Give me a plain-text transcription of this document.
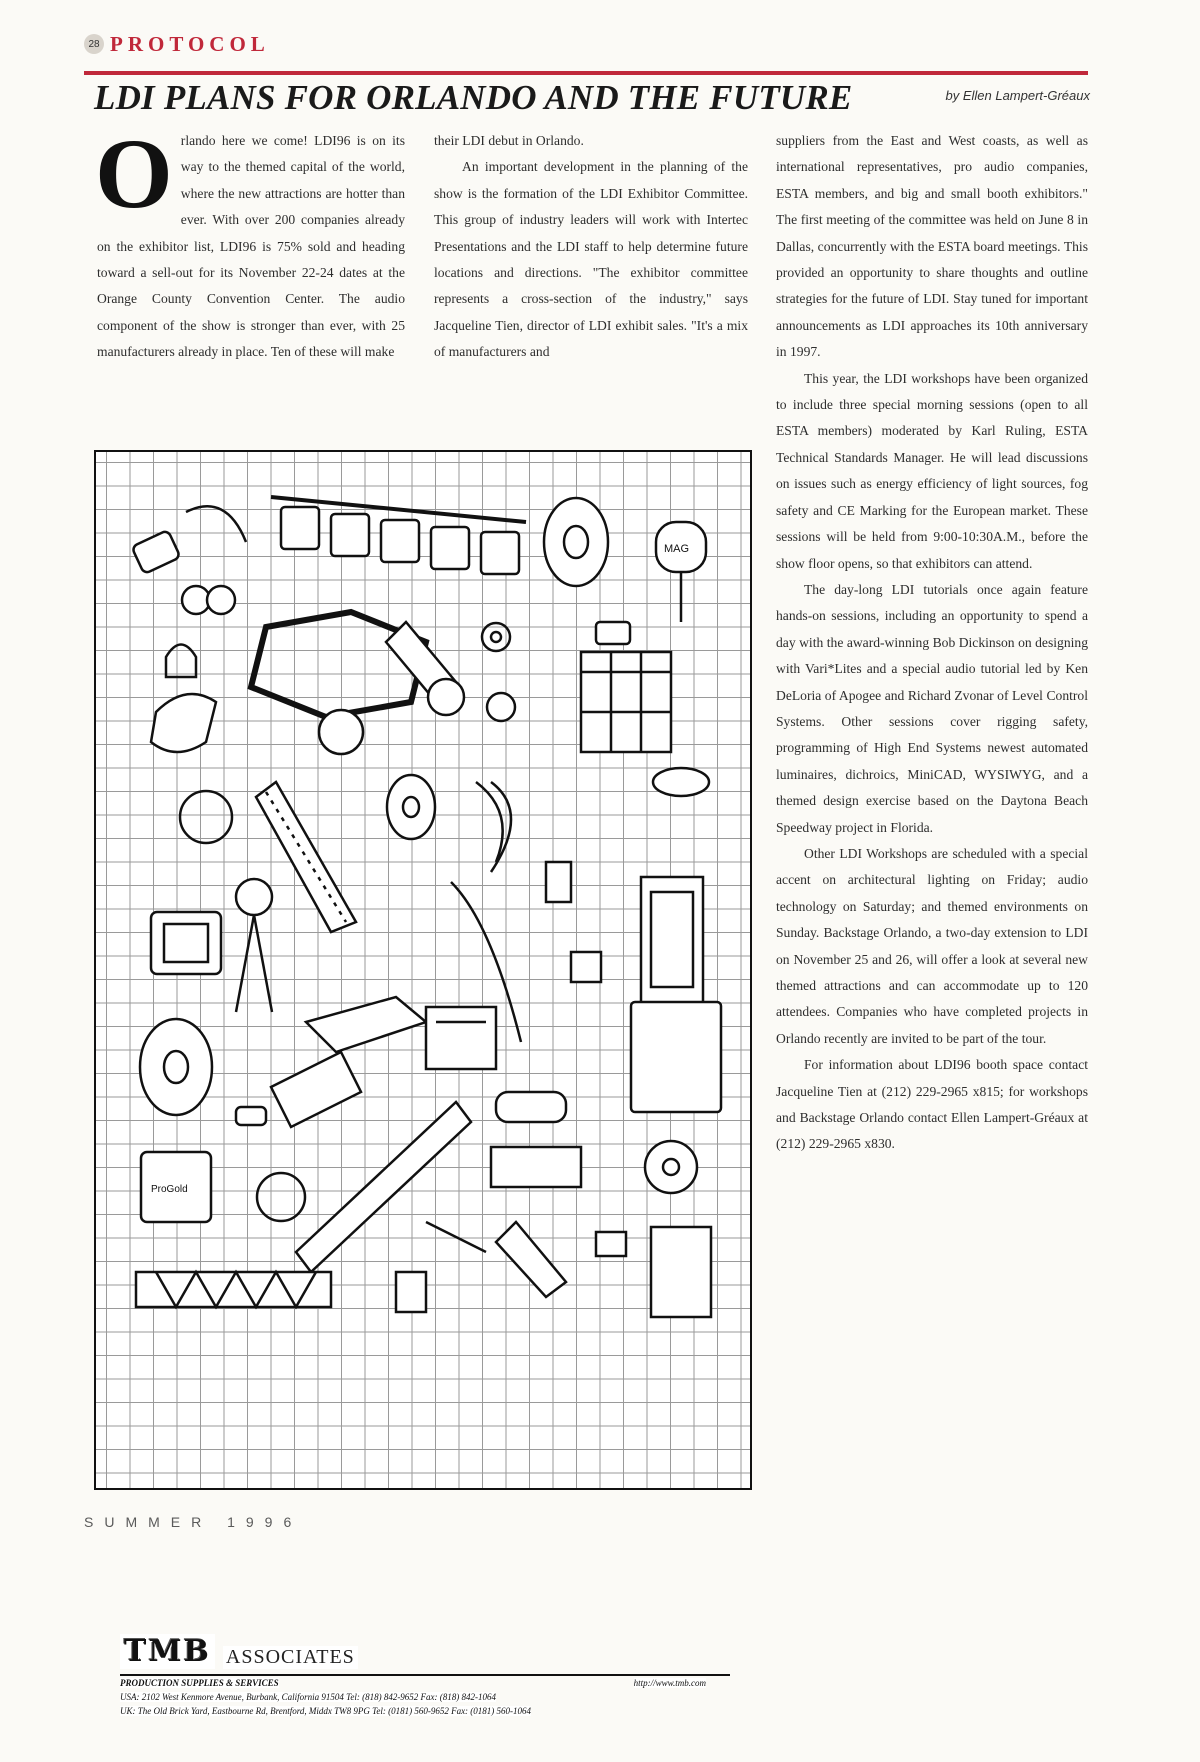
28 PROTOCOL
LDI PLANS FOR ORLANDO AND THE FUTURE	by Ellen Lampert-Gréaux
O rlando here we come! LDI96 is on its way to the themed capital of the world, where the new attractions are hotter than ever. With over 200 companies already on the exhibitor list, LDI96 is 75% sold and heading toward a sell-out for its November 22-24 dates at the Orange County Convention Center. The audio component of the show is stronger than ever, with 25 manufacturers already in place. Ten of these will make

their LDI debut in Orlando.

An important development in the planning of the show is the formation of the LDI Exhibitor Committee. This group of industry leaders will work with Intertec Presentations and the LDI staff to help determine future locations and directions. "The exhibitor committee represents a cross-section of the industry," says Jacqueline Tien, director of LDI exhibit sales. "It's a mix of manufacturers and

suppliers from the East and West coasts, as well as international representatives, pro audio companies, ESTA members, and big and small booth exhibitors." The first meeting of the committee was held on June 8 in Dallas, concurrently with the ESTA board meetings. This provided an opportunity to share thoughts and outline strategies for the future of LDI. Stay tuned for important announcements as LDI approaches its 10th anniversary in 1997.

This year, the LDI workshops have been organized to include three special morning sessions (open to all ESTA members) moderated by Karl Ruling, ESTA Technical Standards Manager. He will lead discussions on issues such as energy efficiency of light sources, fog safety and CE Marking for the European market. These sessions will be held from 9:00-10:30A.M., before the show floor opens, so that exhibitors can attend.

The day-long LDI tutorials once again feature hands-on sessions, including an opportunity to spend a day with the award-winning Bob Dickinson on designing with Vari*Lites and a special audio tutorial led by Ken DeLoria of Apogee and Richard Zvonar of Level Control Systems. Other sessions cover rigging safety, programming of High End Systems newest automated luminaires, dichroics, MiniCAD, WYSIWYG, and a themed design exercise based on the Daytona Beach Speedway project in Florida.

Other LDI Workshops are scheduled with a special accent on architectural lighting on Friday; audio technology on Saturday; and themed environments on Sunday. Backstage Orlando, a two-day extension to LDI on November 25 and 26, will offer a look at several new themed attractions and can accommodate up to 120 attendees. Companies who have completed projects in Orlando recently are invited to be part of the tour.

For information about LDI96 booth space contact Jacqueline Tien at (212) 229-2965 x815; for workshops and Backstage Orlando contact Ellen Lampert-Gréaux at (212) 229-2965 x830.

MAG
ProGold
TMB ASSOCIATES
PRODUCTION SUPPLIES & SERVICES	http://www.tmb.com
USA: 2102 West Kenmore Avenue, Burbank, California 91504 Tel: (818) 842-9652 Fax: (818) 842-1064
UK: The Old Brick Yard, Eastbourne Rd, Brentford, Middx TW8 9PG Tel: (0181) 560-9652 Fax: (0181) 560-1064
SUMMER 1996
